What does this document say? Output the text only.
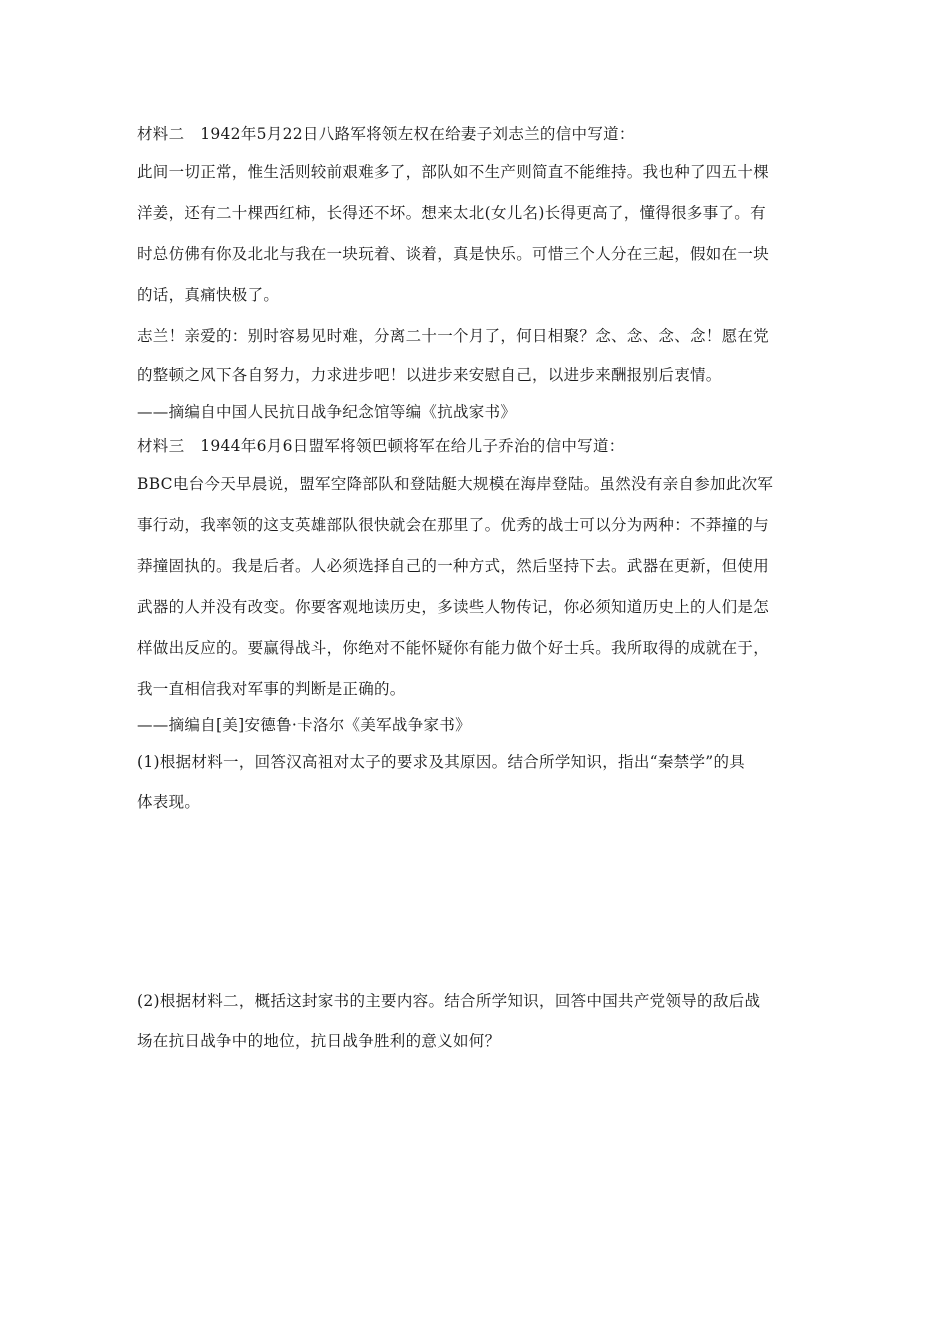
材料二　1942年5月22日八路军将领左权在给妻子刘志兰的信中写道：
此间一切正常，惟生活则较前艰难多了，部队如不生产则简直不能维持。我也种了四五十棵
洋姜，还有二十棵西红柿，长得还不坏。想来太北(女儿名)长得更高了，懂得很多事了。有
时总仿佛有你及北北与我在一块玩着、谈着，真是快乐。可惜三个人分在三起，假如在一块
的话，真痛快极了。
志兰！亲爱的：别时容易见时难，分离二十一个月了，何日相聚？念、念、念、念！愿在党
的整顿之风下各自努力，力求进步吧！以进步来安慰自己，以进步来酬报别后衷情。
——摘编自中国人民抗日战争纪念馆等编《抗战家书》
材料三　1944年6月6日盟军将领巴顿将军在给儿子乔治的信中写道：
BBC电台今天早晨说，盟军空降部队和登陆艇大规模在海岸登陆。虽然没有亲自参加此次军
事行动，我率领的这支英雄部队很快就会在那里了。优秀的战士可以分为两种：不莽撞的与
莽撞固执的。我是后者。人必须选择自己的一种方式，然后坚持下去。武器在更新，但使用
武器的人并没有改变。你要客观地读历史，多读些人物传记，你必须知道历史上的人们是怎
样做出反应的。要赢得战斗，你绝对不能怀疑你有能力做个好士兵。我所取得的成就在于，
我一直相信我对军事的判断是正确的。
——摘编自[美]安德鲁·卡洛尔《美军战争家书》
(1)根据材料一，回答汉高祖对太子的要求及其原因。结合所学知识，指出“秦禁学”的具
体表现。
(2)根据材料二，概括这封家书的主要内容。结合所学知识，回答中国共产党领导的敌后战
场在抗日战争中的地位，抗日战争胜利的意义如何？
